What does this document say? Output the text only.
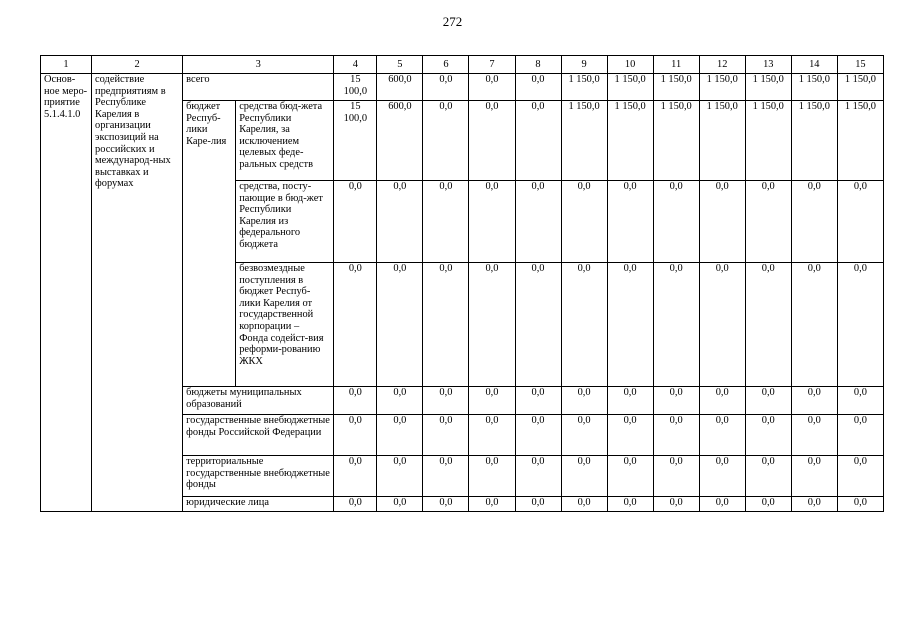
272
1	2	3		4	5	6	7	8	9	10	11	12	13	14	15
Основ-ное меро-приятие 5.1.4.1.0	содействие предприятиям в Республике Карелия в организации экспозиций на российских и международ-ных выставках и форумах	всего		15 100,0	600,0	0,0	0,0	0,0	1 150,0	1 150,0	1 150,0	1 150,0	1 150,0	1 150,0	1 150,0
		бюджет Респуб-лики Каре-лия	средства бюд-жета Республики Карелия, за исключением целевых феде-ральных средств	15 100,0	600,0	0,0	0,0	0,0	1 150,0	1 150,0	1 150,0	1 150,0	1 150,0	1 150,0	1 150,0
			средства, посту-пающие в бюд-жет Республики Карелия из федерального бюджета	0,0	0,0	0,0	0,0	0,0	0,0	0,0	0,0	0,0	0,0	0,0	0,0
			безвозмездные поступления в бюджет Респуб-лики Карелия от государственной корпорации – Фонда содейст-вия реформи-рованию ЖКХ	0,0	0,0	0,0	0,0	0,0	0,0	0,0	0,0	0,0	0,0	0,0	0,0
		бюджеты муниципальных образований		0,0	0,0	0,0	0,0	0,0	0,0	0,0	0,0	0,0	0,0	0,0	0,0
		государственные внебюджетные фонды Российской Федерации		0,0	0,0	0,0	0,0	0,0	0,0	0,0	0,0	0,0	0,0	0,0	0,0
		территориальные государственные внебюджетные фонды		0,0	0,0	0,0	0,0	0,0	0,0	0,0	0,0	0,0	0,0	0,0	0,0
		юридические лица		0,0	0,0	0,0	0,0	0,0	0,0	0,0	0,0	0,0	0,0	0,0	0,0
